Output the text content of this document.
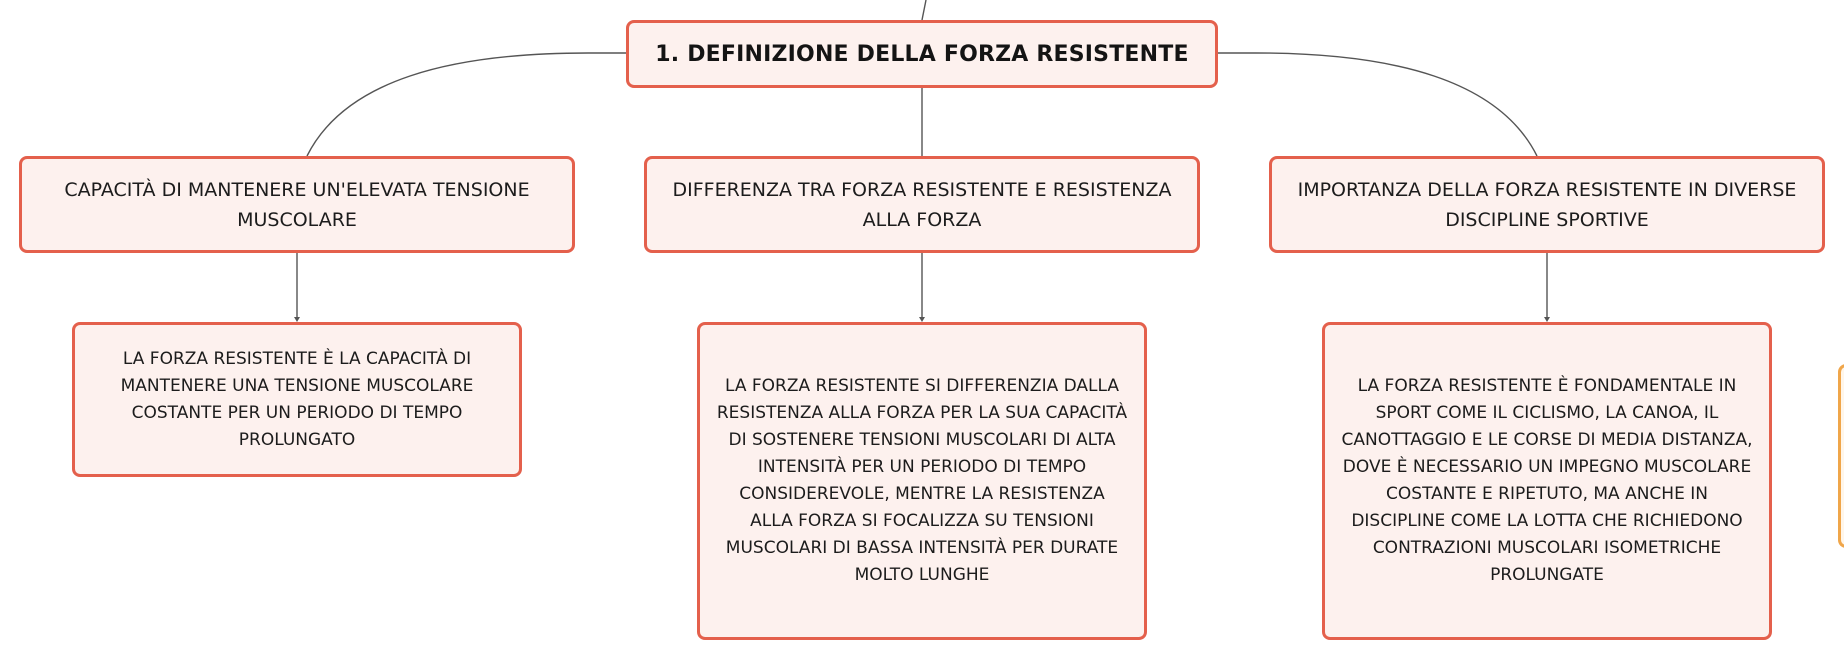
1. DEFINIZIONE DELLA FORZA RESISTENTE
CAPACITÀ DI MANTENERE UN'ELEVATA TENSIONE MUSCOLARE
DIFFERENZA TRA FORZA RESISTENTE E RESISTENZA ALLA FORZA
IMPORTANZA DELLA FORZA RESISTENTE IN DIVERSE DISCIPLINE SPORTIVE
LA FORZA RESISTENTE È LA CAPACITÀ DI MANTENERE UNA TENSIONE MUSCOLARE COSTANTE PER UN PERIODO DI TEMPO PROLUNGATO
LA FORZA RESISTENTE SI DIFFERENZIA DALLA RESISTENZA ALLA FORZA PER LA SUA CAPACITÀ DI SOSTENERE TENSIONI MUSCOLARI DI ALTA INTENSITÀ PER UN PERIODO DI TEMPO CONSIDEREVOLE, MENTRE LA RESISTENZA ALLA FORZA SI FOCALIZZA SU TENSIONI MUSCOLARI DI BASSA INTENSITÀ PER DURATE MOLTO LUNGHE
LA FORZA RESISTENTE È FONDAMENTALE IN SPORT COME IL CICLISMO, LA CANOA, IL CANOTTAGGIO E LE CORSE DI MEDIA DISTANZA, DOVE È NECESSARIO UN IMPEGNO MUSCOLARE COSTANTE E RIPETUTO, MA ANCHE IN DISCIPLINE COME LA LOTTA CHE RICHIEDONO CONTRAZIONI MUSCOLARI ISOMETRICHE PROLUNGATE
